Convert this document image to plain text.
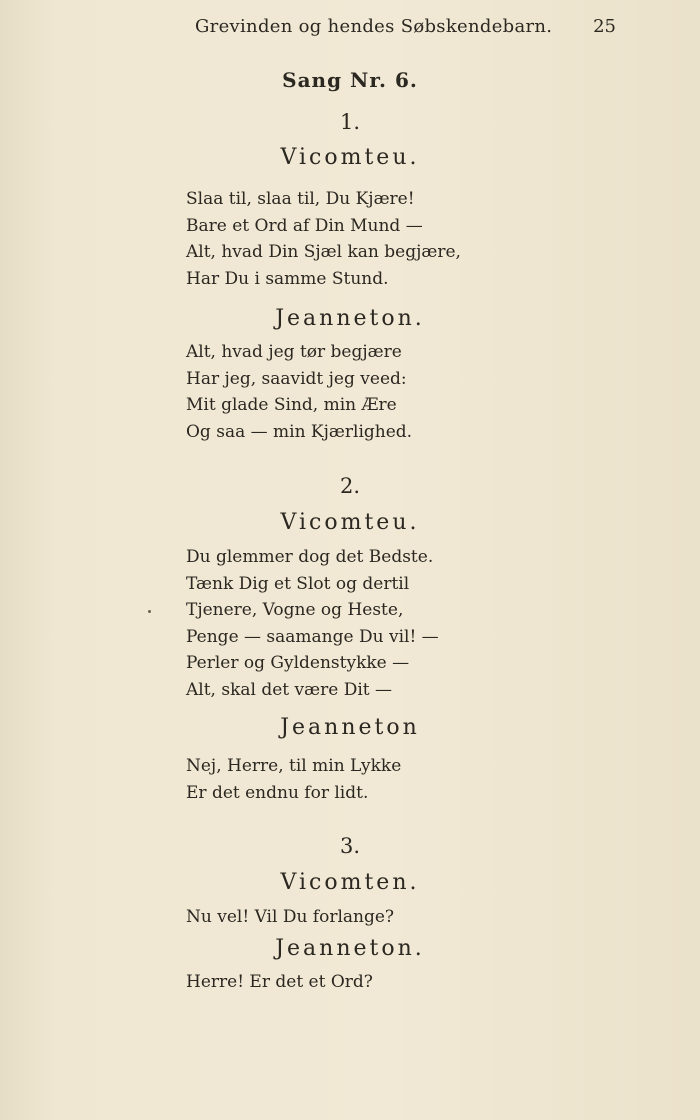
Grevinden og hendes Søbskendebarn. 25
Sang Nr. 6.
1.
Vicomteu.
Slaa til, slaa til, Du Kjære!
Bare et Ord af Din Mund —
Alt, hvad Din Sjæl kan begjære,
Har Du i samme Stund.
Jeanneton.
Alt, hvad jeg tør begjære
Har jeg, saavidt jeg veed:
Mit glade Sind, min Ære
Og saa — min Kjærlighed.
2.
Vicomteu.
Du glemmer dog det Bedste.
Tænk Dig et Slot og dertil
Tjenere, Vogne og Heste,
Penge — saamange Du vil! —
Perler og Gyldenstykke —
Alt, skal det være Dit —
Jeanneton
Nej, Herre, til min Lykke
Er det endnu for lidt.
3.
Vicomten.
Nu vel! Vil Du forlange?
Jeanneton.
Herre! Er det et Ord?
